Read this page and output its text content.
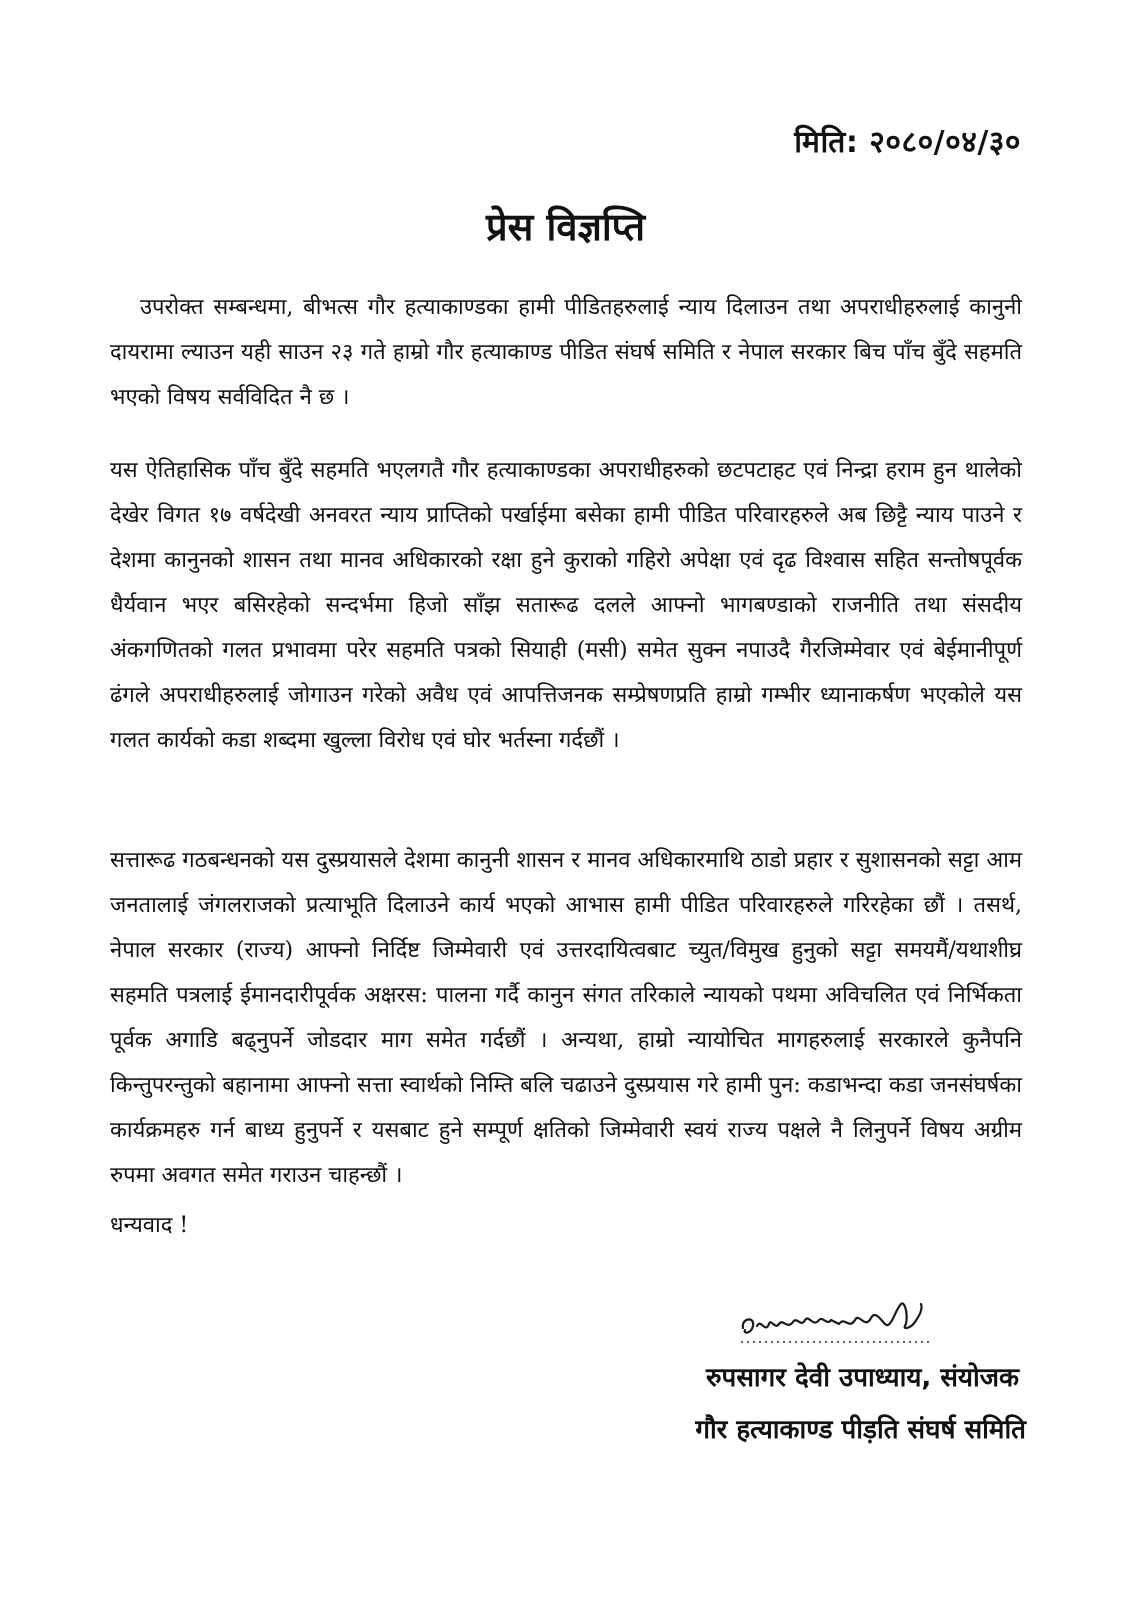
मिति: २०८०/०४/३०
प्रेस विज्ञप्ति

उपरोक्त सम्बन्धमा, बीभत्स गौर हत्याकाण्डका हामी पीडितहरुलाई न्याय दिलाउन तथा अपराधीहरुलाई कानुनी दायरामा ल्याउन यही साउन २३ गते हाम्रो गौर हत्याकाण्ड पीडित संघर्ष समिति र नेपाल सरकार बिच पाँच बुँदे सहमति भएको विषय सर्वविदित नै छ ।

यस ऐतिहासिक पाँच बुँदे सहमति भएलगतै गौर हत्याकाण्डका अपराधीहरुको छटपटाहट एवं निन्द्रा हराम हुन थालेको देखेर विगत १७ वर्षदेखी अनवरत न्याय प्राप्तिको पर्खाईमा बसेका हामी पीडित परिवारहरुले अब छिट्टै न्याय पाउने र देशमा कानुनको शासन तथा मानव अधिकारको रक्षा हुने कुराको गहिरो अपेक्षा एवं दृढ विश्वास सहित सन्तोषपूर्वक धैर्यवान भएर बसिरहेको सन्दर्भमा हिजो साँझ सतारूढ दलले आफ्नो भागबण्डाको राजनीति तथा संसदीय अंकगणितको गलत प्रभावमा परेर सहमति पत्रको सियाही (मसी) समेत सुक्न नपाउदै गैरजिम्मेवार एवं बेईमानीपूर्ण ढंगले अपराधीहरुलाई जोगाउन गरेको अवैध एवं आपत्तिजनक सम्प्रेषणप्रति हाम्रो गम्भीर ध्यानाकर्षण भएकोले यस गलत कार्यको कडा शब्दमा खुल्ला विरोध एवं घोर भर्तस्ना गर्दछौं ।

सत्तारूढ गठबन्धनको यस दुस्प्रयासले देशमा कानुनी शासन र मानव अधिकारमाथि ठाडो प्रहार र सुशासनको सट्टा आम जनतालाई जंगलराजको प्रत्याभूति दिलाउने कार्य भएको आभास हामी पीडित परिवारहरुले गरिरहेका छौं । तसर्थ, नेपाल सरकार (राज्य) आफ्नो निर्दिष्ट जिम्मेवारी एवं उत्तरदायित्वबाट च्युत/विमुख हुनुको सट्टा समयमैं/यथाशीघ्र सहमति पत्रलाई ईमानदारीपूर्वक अक्षरस: पालना गर्दै कानुन संगत तरिकाले न्यायको पथमा अविचलित एवं निर्भिकता पूर्वक अगाडि बढ्नुपर्ने जोडदार माग समेत गर्दछौं । अन्यथा, हाम्रो न्यायोचित मागहरुलाई सरकारले कुनैपनि किन्तुपरन्तुको बहानामा आफ्नो सत्ता स्वार्थको निम्ति बलि चढाउने दुस्प्रयास गरे हामी पुन: कडाभन्दा कडा जनसंघर्षका कार्यक्रमहरु गर्न बाध्य हुनुपर्ने र यसबाट हुने सम्पूर्ण क्षतिको जिम्मेवारी स्वयं राज्य पक्षले नै लिनुपर्ने विषय अग्रीम रुपमा अवगत समेत गराउन चाहन्छौं ।

धन्यवाद !

रुपसागर देवी उपाध्याय, संयोजक
गौर हत्याकाण्ड पीड़ति संघर्ष समिति
